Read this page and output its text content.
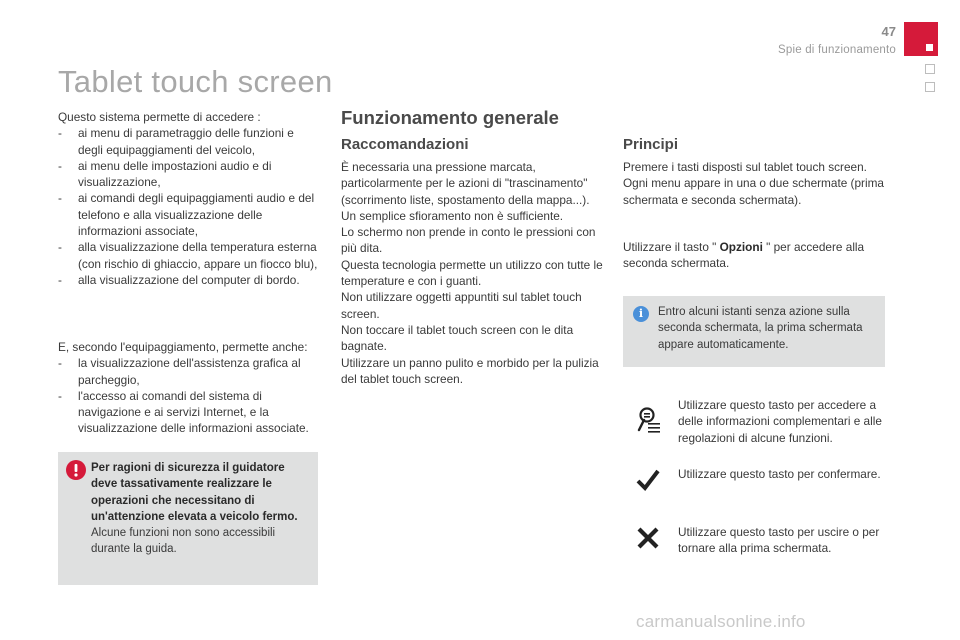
47
Spie di funzionamento
Tablet touch screen
Questo sistema permette di accedere :
-	ai menu di parametraggio delle funzioni e degli equipaggiamenti del veicolo,
-	ai menu delle impostazioni audio e di visualizzazione,
-	ai comandi degli equipaggiamenti audio e del telefono e alla visualizzazione delle informazioni associate,
-	alla visualizzazione della temperatura esterna (con rischio di ghiaccio, appare un fiocco blu),
-	alla visualizzazione del computer di bordo.
E, secondo l'equipaggiamento, permette anche:
-	la visualizzazione dell'assistenza grafica al parcheggio,
-	l'accesso ai comandi del sistema di navigazione e ai servizi Internet, e la visualizzazione delle informazioni associate.
Per ragioni di sicurezza il guidatore deve tassativamente realizzare le operazioni che necessitano di un'attenzione elevata a veicolo fermo.
Alcune funzioni non sono accessibili durante la guida.
Funzionamento generale
Raccomandazioni
È necessaria una pressione marcata, particolarmente per le azioni di "trascinamento" (scorrimento liste, spostamento della mappa...).
Un semplice sfioramento non è sufficiente.
Lo schermo non prende in conto le pressioni con più dita.
Questa tecnologia permette un utilizzo con tutte le temperature e con i guanti.
Non utilizzare oggetti appuntiti sul tablet touch screen.
Non toccare il tablet touch screen con le dita bagnate.
Utilizzare un panno pulito e morbido per la pulizia del tablet touch screen.
Principi
Premere i tasti disposti sul tablet touch screen. Ogni menu appare in una o due schermate (prima schermata e seconda schermata).
Utilizzare il tasto " Opzioni " per accedere alla seconda schermata.
i	Entro alcuni istanti senza azione sulla seconda schermata, la prima schermata appare automaticamente.
Utilizzare questo tasto per accedere a delle informazioni complementari e alle regolazioni di alcune funzioni.
Utilizzare questo tasto per confermare.
Utilizzare questo tasto per uscire o per tornare alla prima schermata.
carmanualsonline.info
